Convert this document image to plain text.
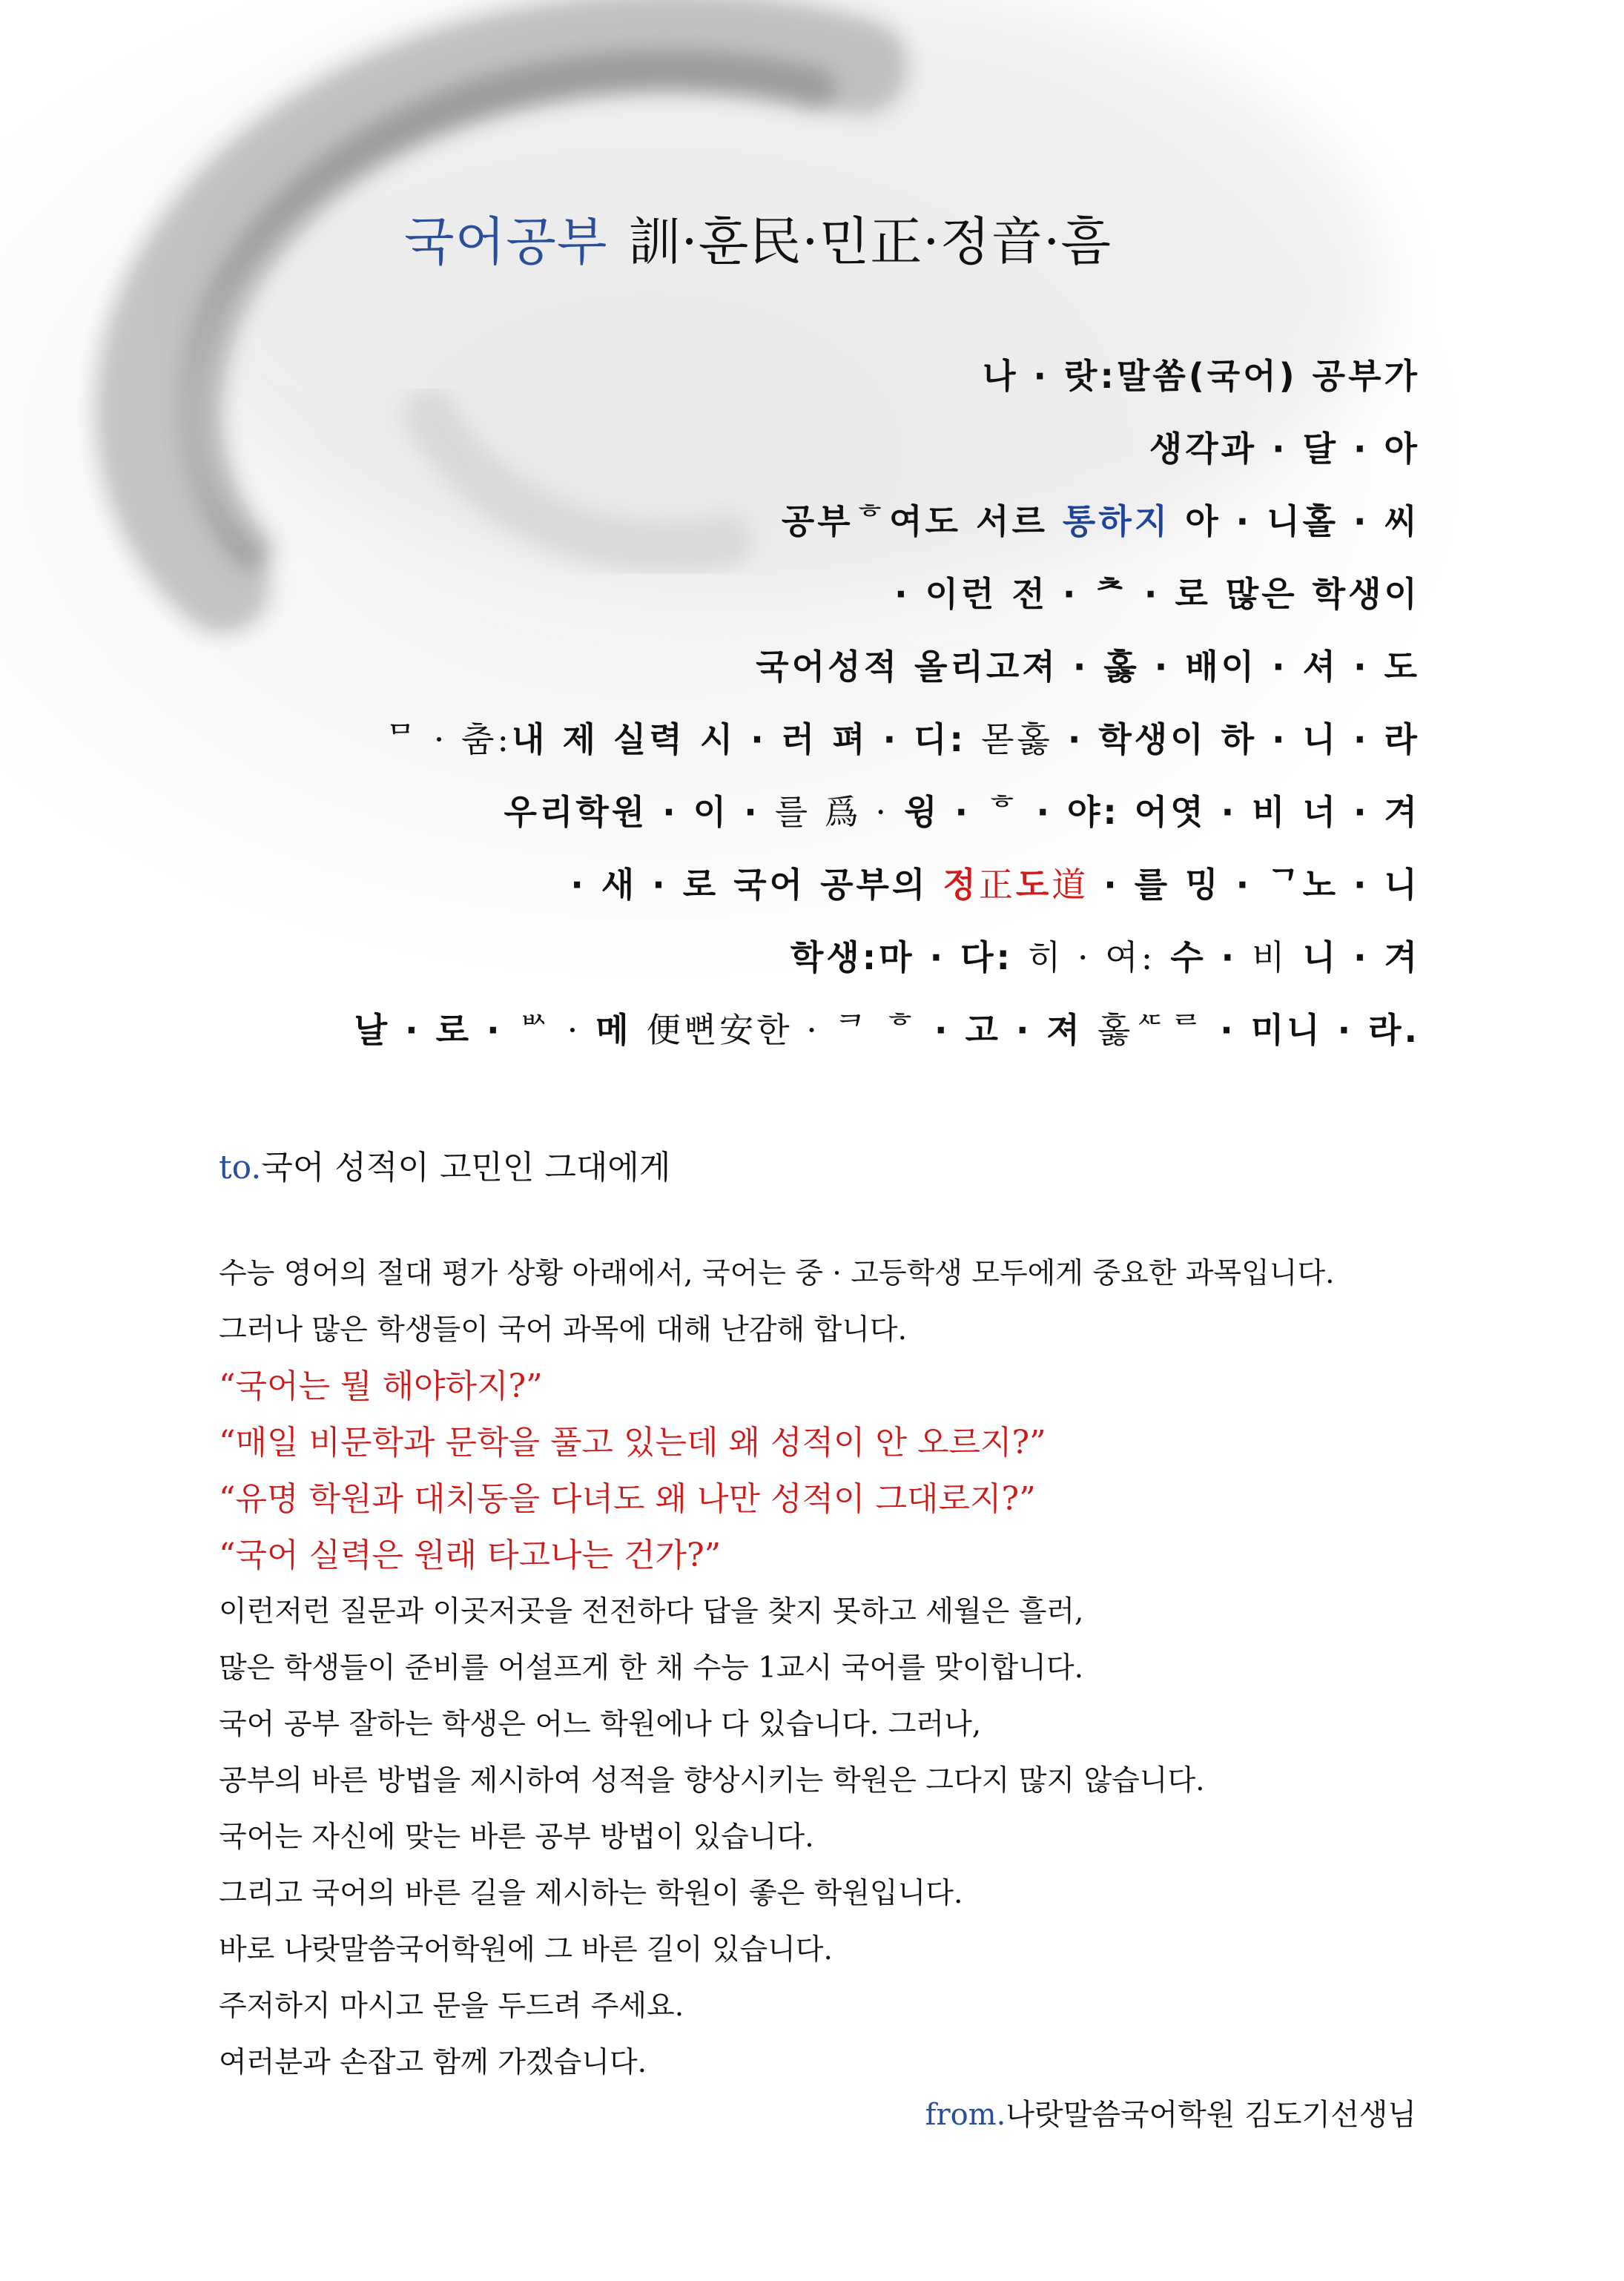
국어공부 訓·훈民·민正·정音·흠
나 · 랏:말쏨(국어) 공부가
생각과 · 달 · 아
공부ᄒ여도 서르 통하지 아 · 니홀 · 씨
· 이런 전 · ᄎ · 로 많은 학생이
국어성적 올리고져 · 홇 · 배이 · 셔 · 도
ᄆ · 춤:내 제 실력 시 · 러 펴 · 디: 몯홇 · 학생이 하 · 니 · 라
우리학원 · 이 · 를 爲 · 윙 · ᄒ · 야: 어엿 · 비 너 · 겨
· 새 · 로 국어 공부의 정正도道 · 를 밍 · ᄀ노 · 니
학생:마 · 다: 히 · 여: 수 · 비 니 · 겨
날 · 로 · ᄡ · 메 便뼌安한 · ᄏ ᄒ · 고 · 져 홇ᄯᄅ · 미니 · 라.
to.국어 성적이 고민인 그대에게
수능 영어의 절대 평가 상황 아래에서, 국어는 중 · 고등학생 모두에게 중요한 과목입니다.
그러나 많은 학생들이 국어 과목에 대해 난감해 합니다.
“국어는 뭘 해야하지?”
“매일 비문학과 문학을 풀고 있는데 왜 성적이 안 오르지?”
“유명 학원과 대치동을 다녀도 왜 나만 성적이 그대로지?”
“국어 실력은 원래 타고나는 건가?”
이런저런 질문과 이곳저곳을 전전하다 답을 찾지 못하고 세월은 흘러,
많은 학생들이 준비를 어설프게 한 채 수능 1교시 국어를 맞이합니다.
국어 공부 잘하는 학생은 어느 학원에나 다 있습니다. 그러나,
공부의 바른 방법을 제시하여 성적을 향상시키는 학원은 그다지 많지 않습니다.
국어는 자신에 맞는 바른 공부 방법이 있습니다.
그리고 국어의 바른 길을 제시하는 학원이 좋은 학원입니다.
바로 나랏말씀국어학원에 그 바른 길이 있습니다.
주저하지 마시고 문을 두드려 주세요.
여러분과 손잡고 함께 가겠습니다.
from.나랏말씀국어학원 김도기선생님
